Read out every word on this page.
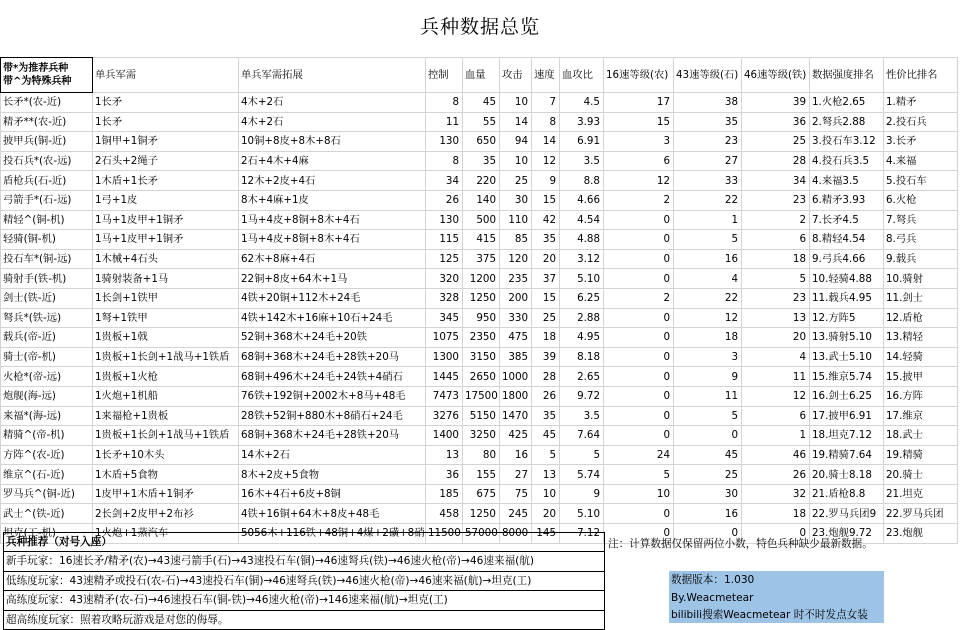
兵种数据总览
带*为推荐兵种
带^为特殊兵种	单兵军需	单兵军需拓展	控制	血量	攻击	速度	血攻比	16速等级(农)	43速等级(石)	46速等级(铁)	数据强度排名	性价比排名
长矛*(农-近)	1长矛	4木+2石	8	45	10	7	4.5	17	38	39	1.火枪2.65	1.精矛
精矛**(农-近)	1长矛	4木+2石	11	55	14	8	3.93	15	35	36	2.弩兵2.88	2.投石兵
披甲兵(铜-近)	1铜甲+1铜矛	10铜+8皮+8木+8石	130	650	94	14	6.91	3	23	25	3.投石车3.12	3.长矛
投石兵*(农-远)	2石头+2绳子	2石+4木+4麻	8	35	10	12	3.5	6	27	28	4.投石兵3.5	4.来福
盾枪兵(石-近)	1木盾+1长矛	12木+2皮+4石	34	220	25	9	8.8	12	33	34	4.来福3.5	5.投石车
弓箭手*(石-远)	1弓+1皮	8木+4麻+1皮	26	140	30	15	4.66	2	22	23	6.精矛3.93	6.火枪
精轻^(铜-机)	1马+1皮甲+1铜矛	1马+4皮+8铜+8木+4石	130	500	110	42	4.54	0	1	2	7.长矛4.5	7.弩兵
轻骑(铜-机)	1马+1皮甲+1铜矛	1马+4皮+8铜+8木+4石	115	415	85	35	4.88	0	5	6	8.精轻4.54	8.弓兵
投石车*(铜-远)	1木械+4石头	62木+8麻+4石	125	375	120	20	3.12	0	16	18	9.弓兵4.66	9.载兵
骑射手(铁-机)	1骑射装备+1马	22铜+8皮+64木+1马	320	1200	235	37	5.10	0	4	5	10.轻骑4.88	10.骑射
剑士(铁-近)	1长剑+1铁甲	4铁+20铜+112木+24毛	328	1250	200	15	6.25	2	22	23	11.载兵4.95	11.剑士
弩兵*(铁-远)	1弩+1铁甲	4铁+142木+16麻+10石+24毛	345	950	330	25	2.88	0	12	13	12.方阵5	12.盾枪
载兵(帝-近)	1贵板+1戟	52铜+368木+24毛+20铁	1075	2350	475	18	4.95	0	18	20	13.骑射5.10	13.精轻
骑士(帝-机)	1贵板+1长剑+1战马+1铁盾	68铜+368木+24毛+28铁+20马	1300	3150	385	39	8.18	0	3	4	13.武士5.10	14.轻骑
火枪*(帝-远)	1贵板+1火枪	68铜+496木+24毛+24铁+4硝石	1445	2650	1000	28	2.65	0	9	11	15.维京5.74	15.披甲
炮舰(海-远)	1火炮+1机船	76铁+192铜+2002木+8马+48毛	7473	17500	1800	26	9.72	0	11	12	16.剑士6.25	16.方阵
来福*(海-远)	1来福枪+1贵板	28铁+52铜+880木+8硝石+24毛	3276	5150	1470	35	3.5	0	5	6	17.披甲6.91	17.维京
精骑^(帝-机)	1贵板+1长剑+1战马+1铁盾	68铜+368木+24毛+28铁+20马	1400	3250	425	45	7.64	0	0	1	18.坦克7.12	18.武士
方阵^(农-近)	1长矛+10木头	14木+2石	13	80	16	5	5	24	45	46	19.精骑7.64	19.精骑
维京^(石-近)	1木盾+5食物	8木+2皮+5食物	36	155	27	13	5.74	5	25	26	20.骑士8.18	20.骑士
罗马兵^(铜-近)	1皮甲+1木盾+1铜矛	16木+4石+6皮+8铜	185	675	75	10	9	10	30	32	21.盾枪8.8	21.坦克
武士^(铁-近)	2长剑+2皮甲+2布衫	4铁+16铜+64木+8皮+48毛	458	1250	245	20	5.10	0	16	18	22.罗马兵团9	22.罗马兵团
坦克(工-机)	1火炮+1蒸汽车	5056木+116铁+48铜+4煤+2磺+8硝	11500	57000	8000	145	7.12	0	0	0	23.炮舰9.72	23.炮舰
兵种推荐（对号入座）
新手玩家：16速长矛/精矛(农)→43速弓箭手(石)→43速投石车(铜)→46速弩兵(铁)→46速火枪(帝)→46速来福(航)
低练度玩家：43速精矛或投石(农-石)→43速投石车(铜)→46速弩兵(铁)→46速火枪(帝)→46速来福(航)→坦克(工)
高练度玩家：43速精矛(农-石)→46速投石车(铜-铁)→46速火枪(帝)→146速来福(航)→坦克(工)
超高练度玩家：照着攻略玩游戏是对您的侮辱。
注：计算数据仅保留两位小数，特色兵种缺少最新数据。
数据版本：1.030
By.Weacmetear
bilibili搜索Weacmetear 时不时发点女装
